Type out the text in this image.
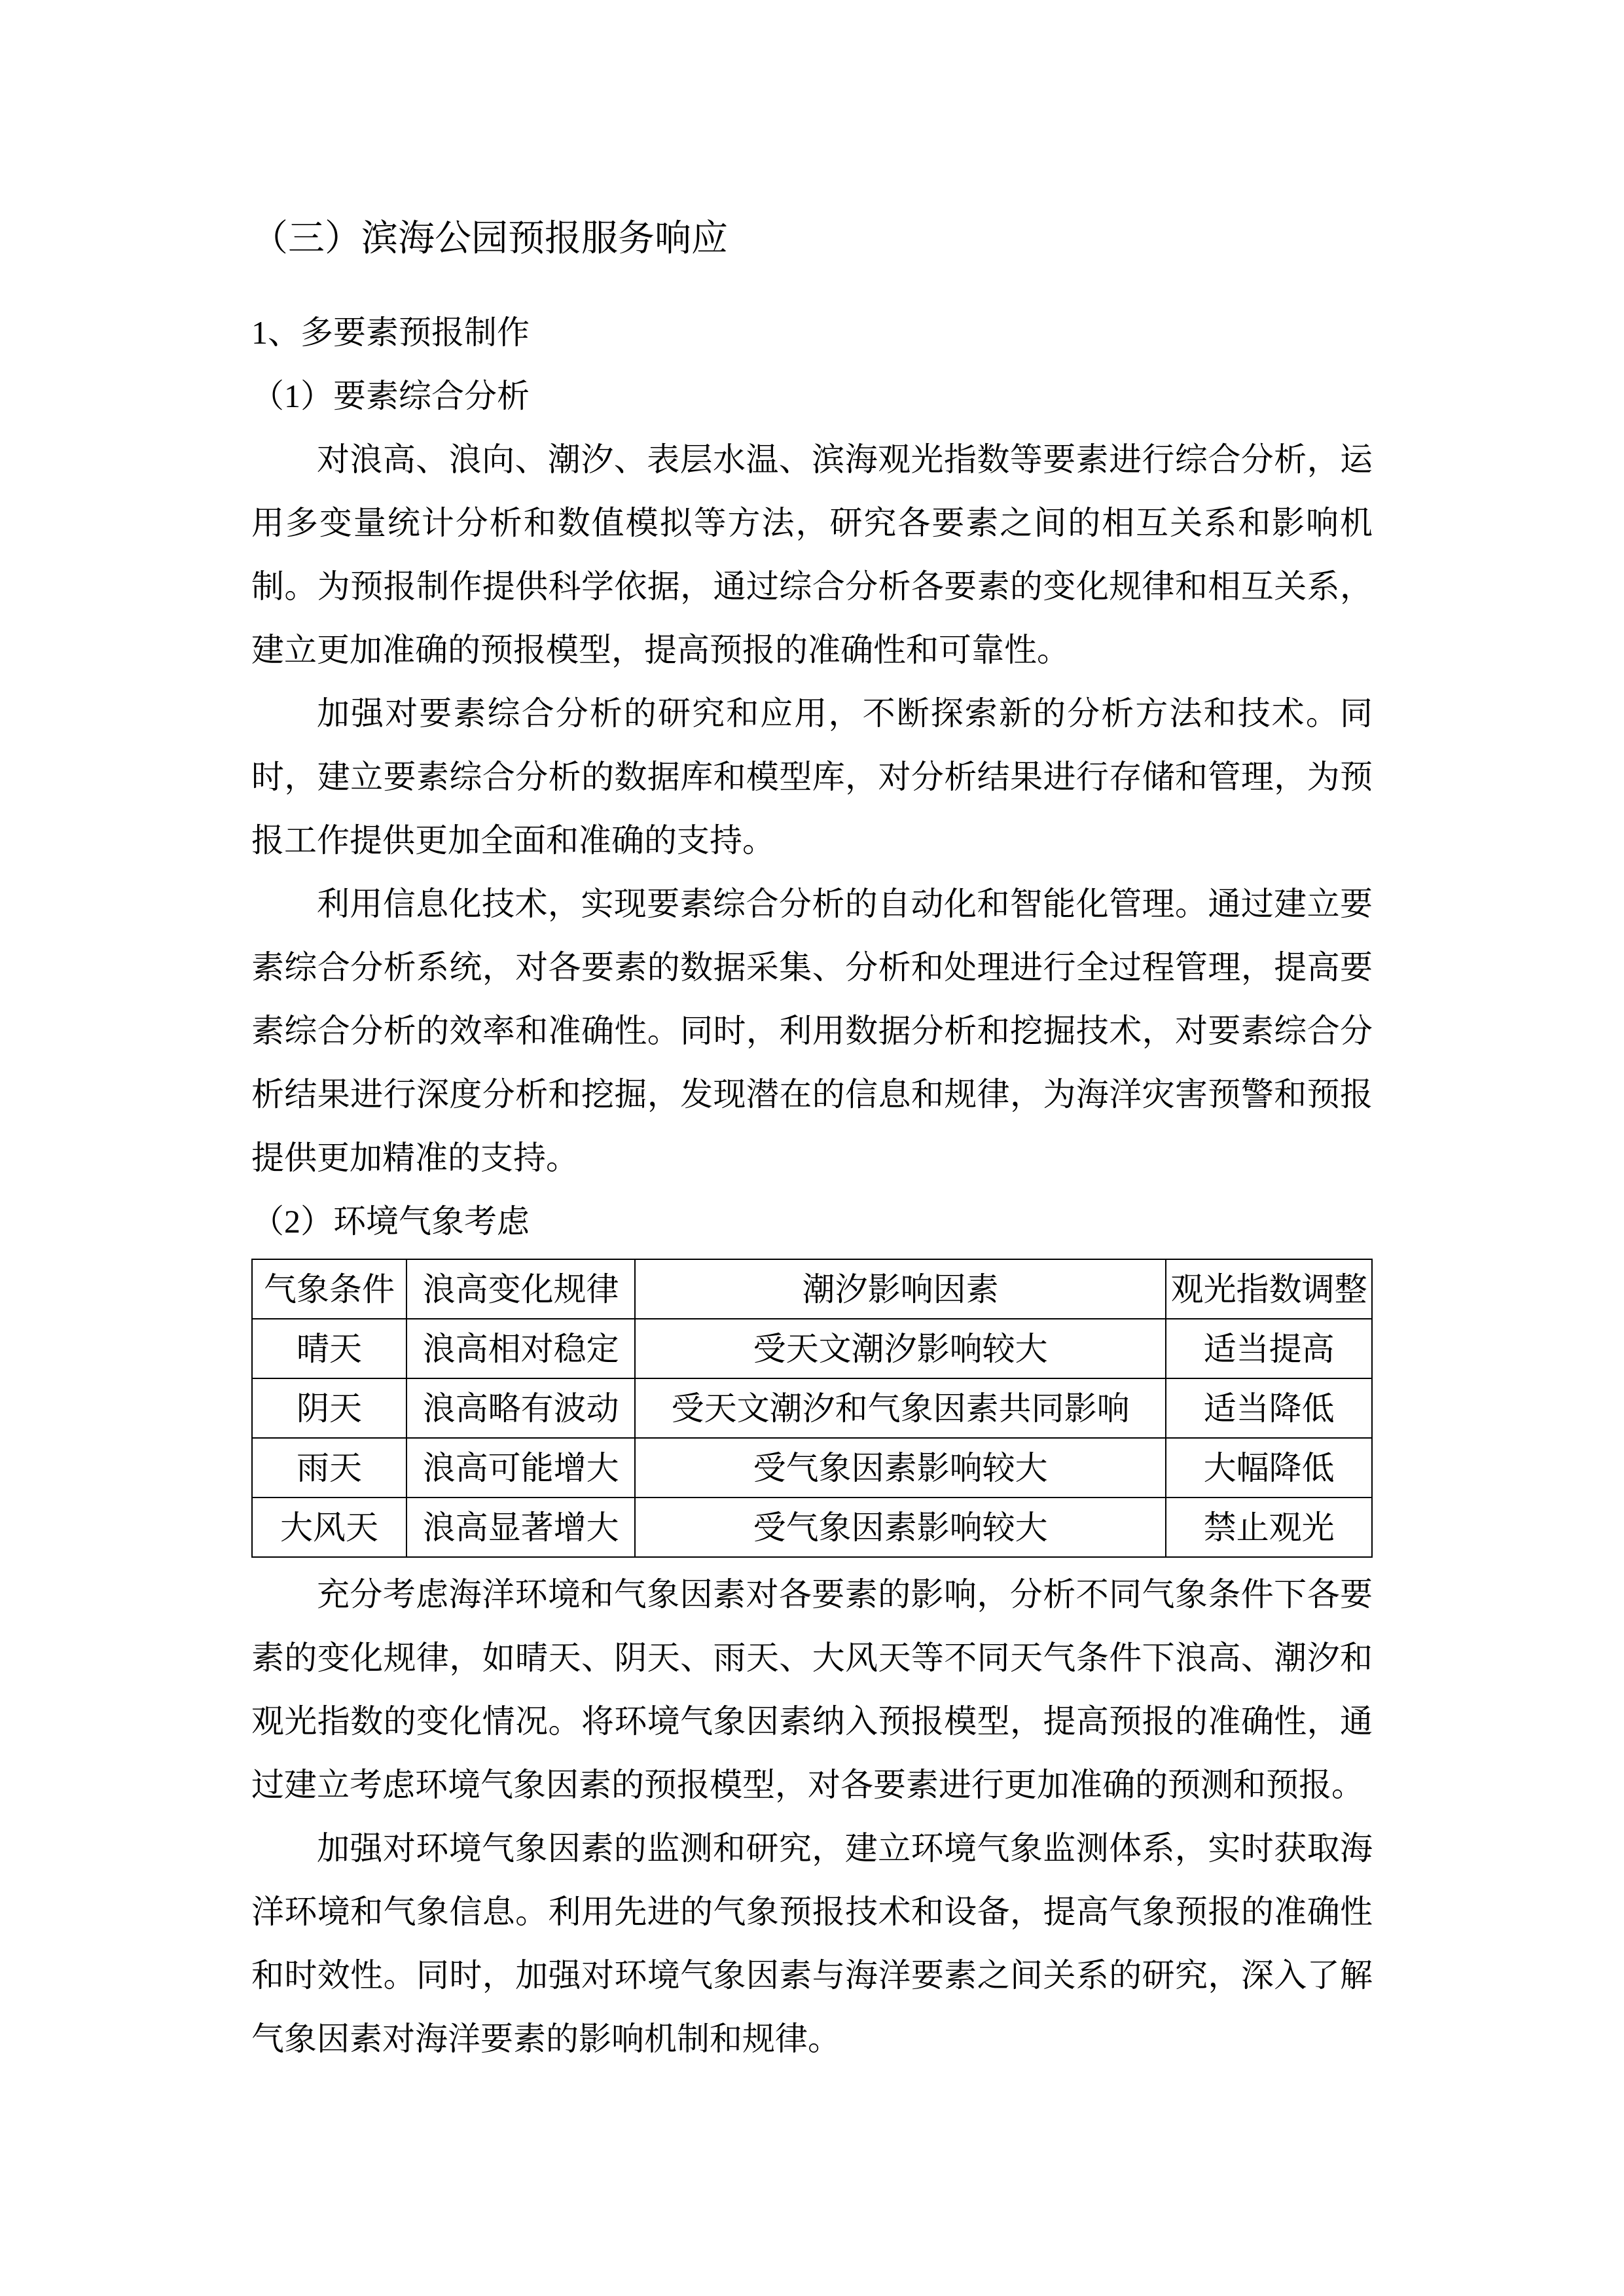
（三）滨海公园预报服务响应
1、多要素预报制作
（1）要素综合分析

对浪高、浪向、潮汐、表层水温、滨海观光指数等要素进行综合分析，运用多变量统计分析和数值模拟等方法，研究各要素之间的相互关系和影响机制。为预报制作提供科学依据，通过综合分析各要素的变化规律和相互关系，建立更加准确的预报模型，提高预报的准确性和可靠性。

加强对要素综合分析的研究和应用，不断探索新的分析方法和技术。同时，建立要素综合分析的数据库和模型库，对分析结果进行存储和管理，为预报工作提供更加全面和准确的支持。

利用信息化技术，实现要素综合分析的自动化和智能化管理。通过建立要素综合分析系统，对各要素的数据采集、分析和处理进行全过程管理，提高要素综合分析的效率和准确性。同时，利用数据分析和挖掘技术，对要素综合分析结果进行深度分析和挖掘，发现潜在的信息和规律，为海洋灾害预警和预报提供更加精准的支持。

（2）环境气象考虑
气象条件	浪高变化规律	潮汐影响因素	观光指数调整
晴天	浪高相对稳定	受天文潮汐影响较大	适当提高
阴天	浪高略有波动	受天文潮汐和气象因素共同影响	适当降低
雨天	浪高可能增大	受气象因素影响较大	大幅降低
大风天	浪高显著增大	受气象因素影响较大	禁止观光

充分考虑海洋环境和气象因素对各要素的影响，分析不同气象条件下各要素的变化规律，如晴天、阴天、雨天、大风天等不同天气条件下浪高、潮汐和观光指数的变化情况。将环境气象因素纳入预报模型，提高预报的准确性，通过建立考虑环境气象因素的预报模型，对各要素进行更加准确的预测和预报。

加强对环境气象因素的监测和研究，建立环境气象监测体系，实时获取海洋环境和气象信息。利用先进的气象预报技术和设备，提高气象预报的准确性和时效性。同时，加强对环境气象因素与海洋要素之间关系的研究，深入了解气象因素对海洋要素的影响机制和规律。
